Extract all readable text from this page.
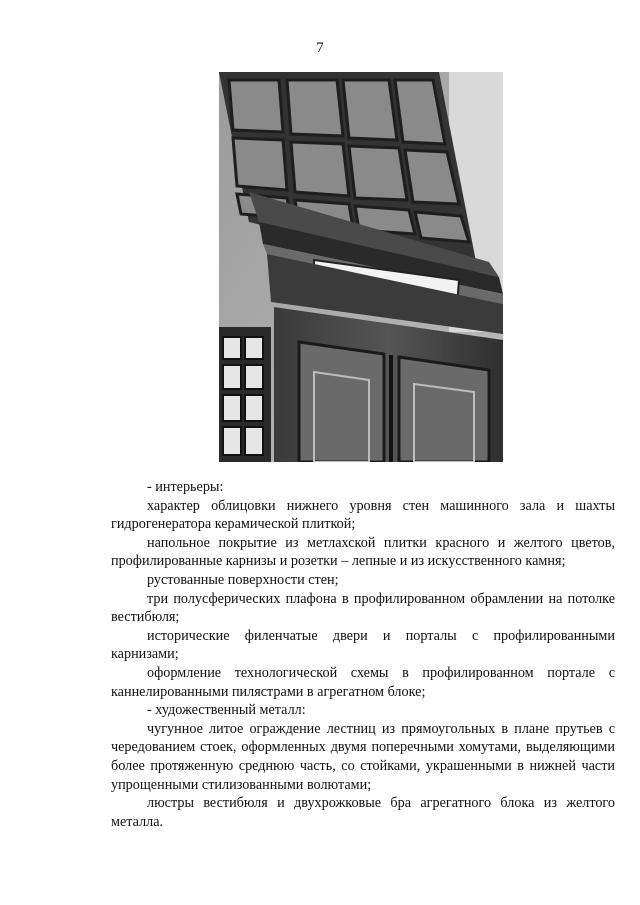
7

- интерьеры:

характер облицовки нижнего уровня стен машинного зала и шахты гидрогенератора керамической плиткой;

напольное покрытие из метлахской плитки красного и желтого цветов, профилированные карнизы и розетки – лепные и из искусственного камня;

рустованные поверхности стен;

три полусферических плафона в профилированном обрамлении на потолке вестибюля;

исторические филенчатые двери и порталы с профилированными карнизами;

оформление технологической схемы в профилированном портале с каннелированными пилястрами в агрегатном блоке;

- художественный металл:

чугунное литое ограждение лестниц из прямоугольных в плане прутьев с чередованием стоек, оформленных двумя поперечными хомутами, выделяющими более протяженную среднюю часть, со стойками, украшенными в нижней части упрощенными стилизованными волютами;

люстры вестибюля и двухрожковые бра агрегатного блока из желтого металла.
